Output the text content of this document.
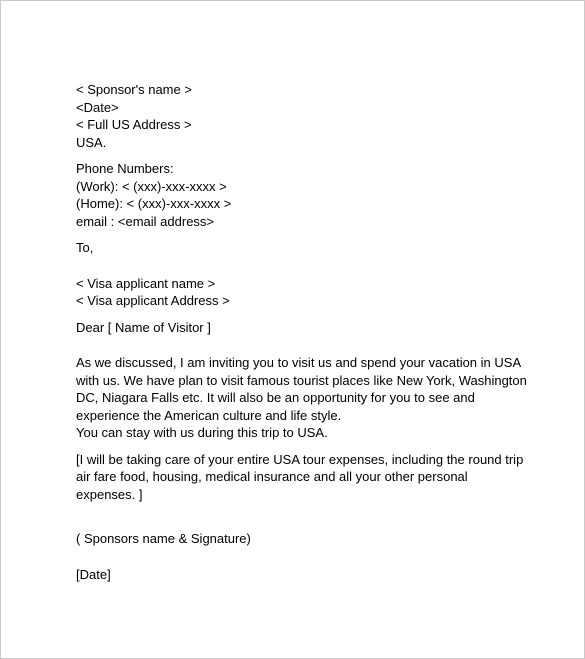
< Sponsor's name >

<Date>

< Full US Address >

USA.

Phone Numbers:

(Work): < (xxx)-xxx-xxxx >

(Home): < (xxx)-xxx-xxxx >

email : <email address>

To,

< Visa applicant name >

< Visa applicant Address >

Dear [ Name of Visitor ]

As we discussed, I am inviting you to visit us and spend your vacation in USA

with us. We have plan to visit famous tourist places like New York, Washington

DC, Niagara Falls etc. It will also be an opportunity for you to see and

experience the American culture and life style.

You can stay with us during this trip to USA.

[I will be taking care of your entire USA tour expenses, including the round trip

air fare food, housing, medical insurance and all your other personal

expenses. ]

( Sponsors name & Signature)

[Date]
